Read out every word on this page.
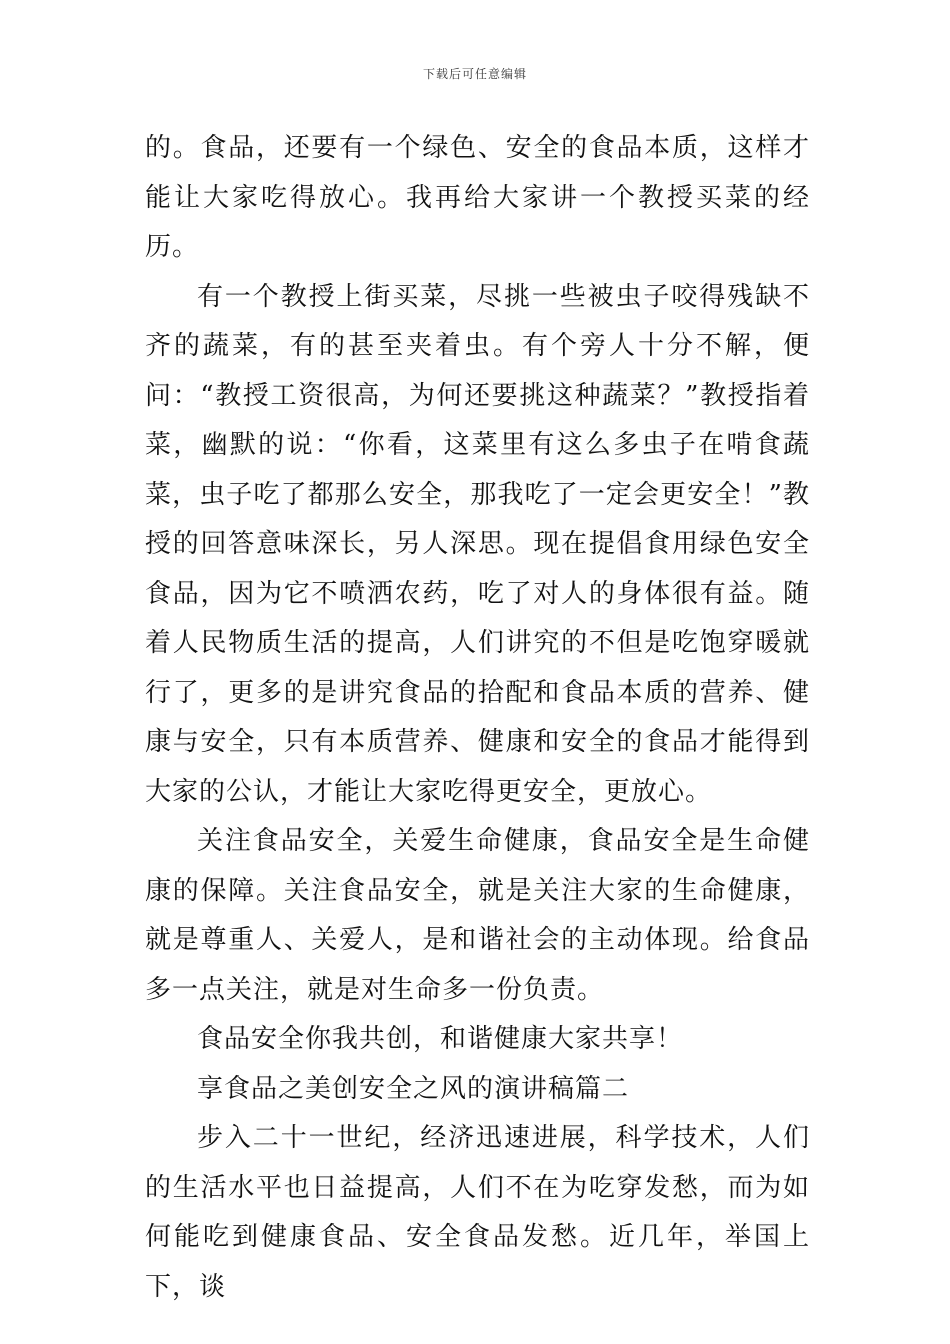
下载后可任意编辑

的。食品，还要有一个绿色、安全的食品本质，这样才能让大家吃得放心。我再给大家讲一个教授买菜的经历。

有一个教授上街买菜，尽挑一些被虫子咬得残缺不齐的蔬菜，有的甚至夹着虫。有个旁人十分不解，便问：“教授工资很高，为何还要挑这种蔬菜？”教授指着菜，幽默的说：“你看，这菜里有这么多虫子在啃食蔬菜，虫子吃了都那么安全，那我吃了一定会更安全！”教授的回答意味深长，另人深思。现在提倡食用绿色安全食品，因为它不喷洒农药，吃了对人的身体很有益。随着人民物质生活的提高，人们讲究的不但是吃饱穿暖就行了，更多的是讲究食品的拾配和食品本质的营养、健康与安全，只有本质营养、健康和安全的食品才能得到大家的公认，才能让大家吃得更安全，更放心。

关注食品安全，关爱生命健康，食品安全是生命健康的保障。关注食品安全，就是关注大家的生命健康，就是尊重人、关爱人，是和谐社会的主动体现。给食品多一点关注，就是对生命多一份负责。

食品安全你我共创，和谐健康大家共享！

享食品之美创安全之风的演讲稿篇二

步入二十一世纪，经济迅速进展，科学技术，人们的生活水平也日益提高，人们不在为吃穿发愁，而为如何能吃到健康食品、安全食品发愁。近几年，举国上下，谈
